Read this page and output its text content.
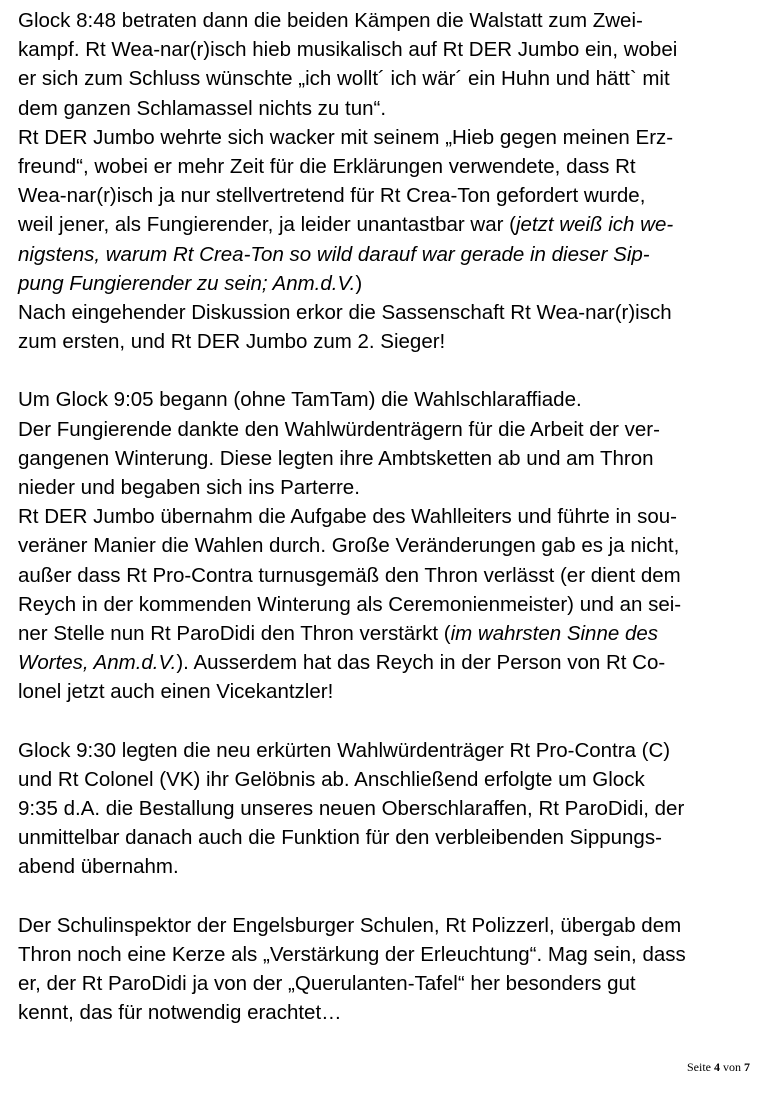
Glock 8:48 betraten dann die beiden Kämpen die Walstatt zum Zwei-
kampf. Rt Wea-nar(r)isch hieb musikalisch auf Rt DER Jumbo ein, wobei
er sich zum Schluss wünschte „ich wollt´ ich wär´ ein Huhn und hätt` mit
dem ganzen Schlamassel nichts zu tun“.
Rt DER Jumbo wehrte sich wacker mit seinem „Hieb gegen meinen Erz-
freund“, wobei er mehr Zeit für die Erklärungen verwendete, dass Rt
Wea-nar(r)isch ja nur stellvertretend für Rt Crea-Ton gefordert wurde,
weil jener, als Fungierender, ja leider unantastbar war (jetzt weiß ich we-
nigstens, warum Rt Crea-Ton so wild darauf war gerade in dieser Sip-
pung Fungierender zu sein; Anm.d.V.)
Nach eingehender Diskussion erkor die Sassenschaft Rt Wea-nar(r)isch
zum ersten, und Rt DER Jumbo zum 2. Sieger!

Um Glock 9:05 begann (ohne TamTam) die Wahlschlaraffiade.
Der Fungierende dankte den Wahlwürdenträgern für die Arbeit der ver-
gangenen Winterung. Diese legten ihre Ambtsketten ab und am Thron
nieder und begaben sich ins Parterre.
Rt DER Jumbo übernahm die Aufgabe des Wahlleiters und führte in sou-
veräner Manier die Wahlen durch. Große Veränderungen gab es ja nicht,
außer dass Rt Pro-Contra turnusgemäß den Thron verlässt (er dient dem
Reych in der kommenden Winterung als Ceremonienmeister) und an sei-
ner Stelle nun Rt ParoDidi den Thron verstärkt (im wahrsten Sinne des
Wortes, Anm.d.V.). Ausserdem hat das Reych in der Person von Rt Co-
lonel jetzt auch einen Vicekantzler!

Glock 9:30 legten die neu erkürten Wahlwürdenträger Rt Pro-Contra (C)
und Rt Colonel (VK) ihr Gelöbnis ab. Anschließend erfolgte um Glock
9:35 d.A. die Bestallung unseres neuen Oberschlaraffen, Rt ParoDidi, der
unmittelbar danach auch die Funktion für den verbleibenden Sippungs-
abend übernahm.

Der Schulinspektor der Engelsburger Schulen, Rt Polizzerl, übergab dem
Thron noch eine Kerze als „Verstärkung der Erleuchtung“. Mag sein, dass
er, der Rt ParoDidi ja von der „Querulanten-Tafel“ her besonders gut
kennt, das für notwendig erachtet…

Seite 4 von 7
